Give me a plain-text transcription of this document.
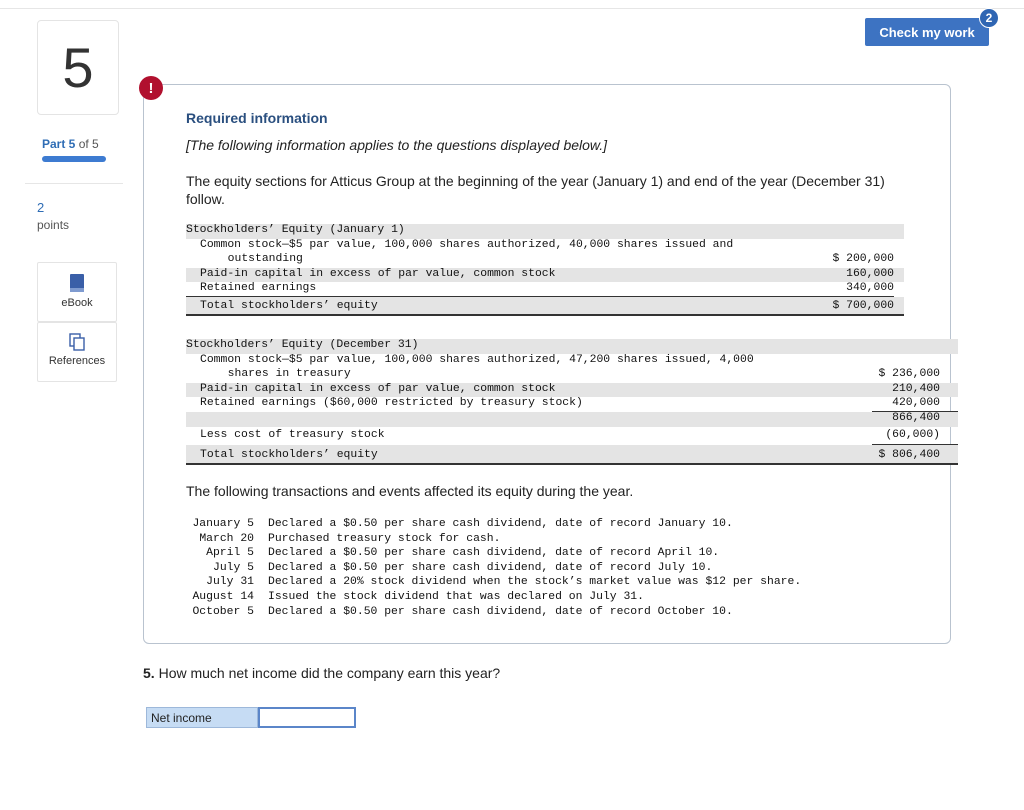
5
Part 5 of 5
2
points
eBook
References
Check my work
2
!
Required information
[The following information applies to the questions displayed below.]
The equity sections for Atticus Group at the beginning of the year (January 1) and end of the year (December 31) follow.
Stockholders’ Equity (January 1)
Common stock—$5 par value, 100,000 shares authorized, 40,000 shares issued and
outstanding	$ 200,000
Paid-in capital in excess of par value, common stock	160,000
Retained earnings	340,000
Total stockholders’ equity	$ 700,000
Stockholders’ Equity (December 31)
Common stock—$5 par value, 100,000 shares authorized, 47,200 shares issued, 4,000
shares in treasury	$ 236,000
Paid-in capital in excess of par value, common stock	210,400
Retained earnings ($60,000 restricted by treasury stock)	420,000
866,400
Less cost of treasury stock	(60,000)
Total stockholders’ equity	$ 806,400
The following transactions and events affected its equity during the year.
January 5 Declared a $0.50 per share cash dividend, date of record January 10.
March 20 Purchased treasury stock for cash.
April 5 Declared a $0.50 per share cash dividend, date of record April 10.
July 5 Declared a $0.50 per share cash dividend, date of record July 10.
July 31 Declared a 20% stock dividend when the stock’s market value was $12 per share.
August 14 Issued the stock dividend that was declared on July 31.
October 5 Declared a $0.50 per share cash dividend, date of record October 10.
5. How much net income did the company earn this year?
Net income
